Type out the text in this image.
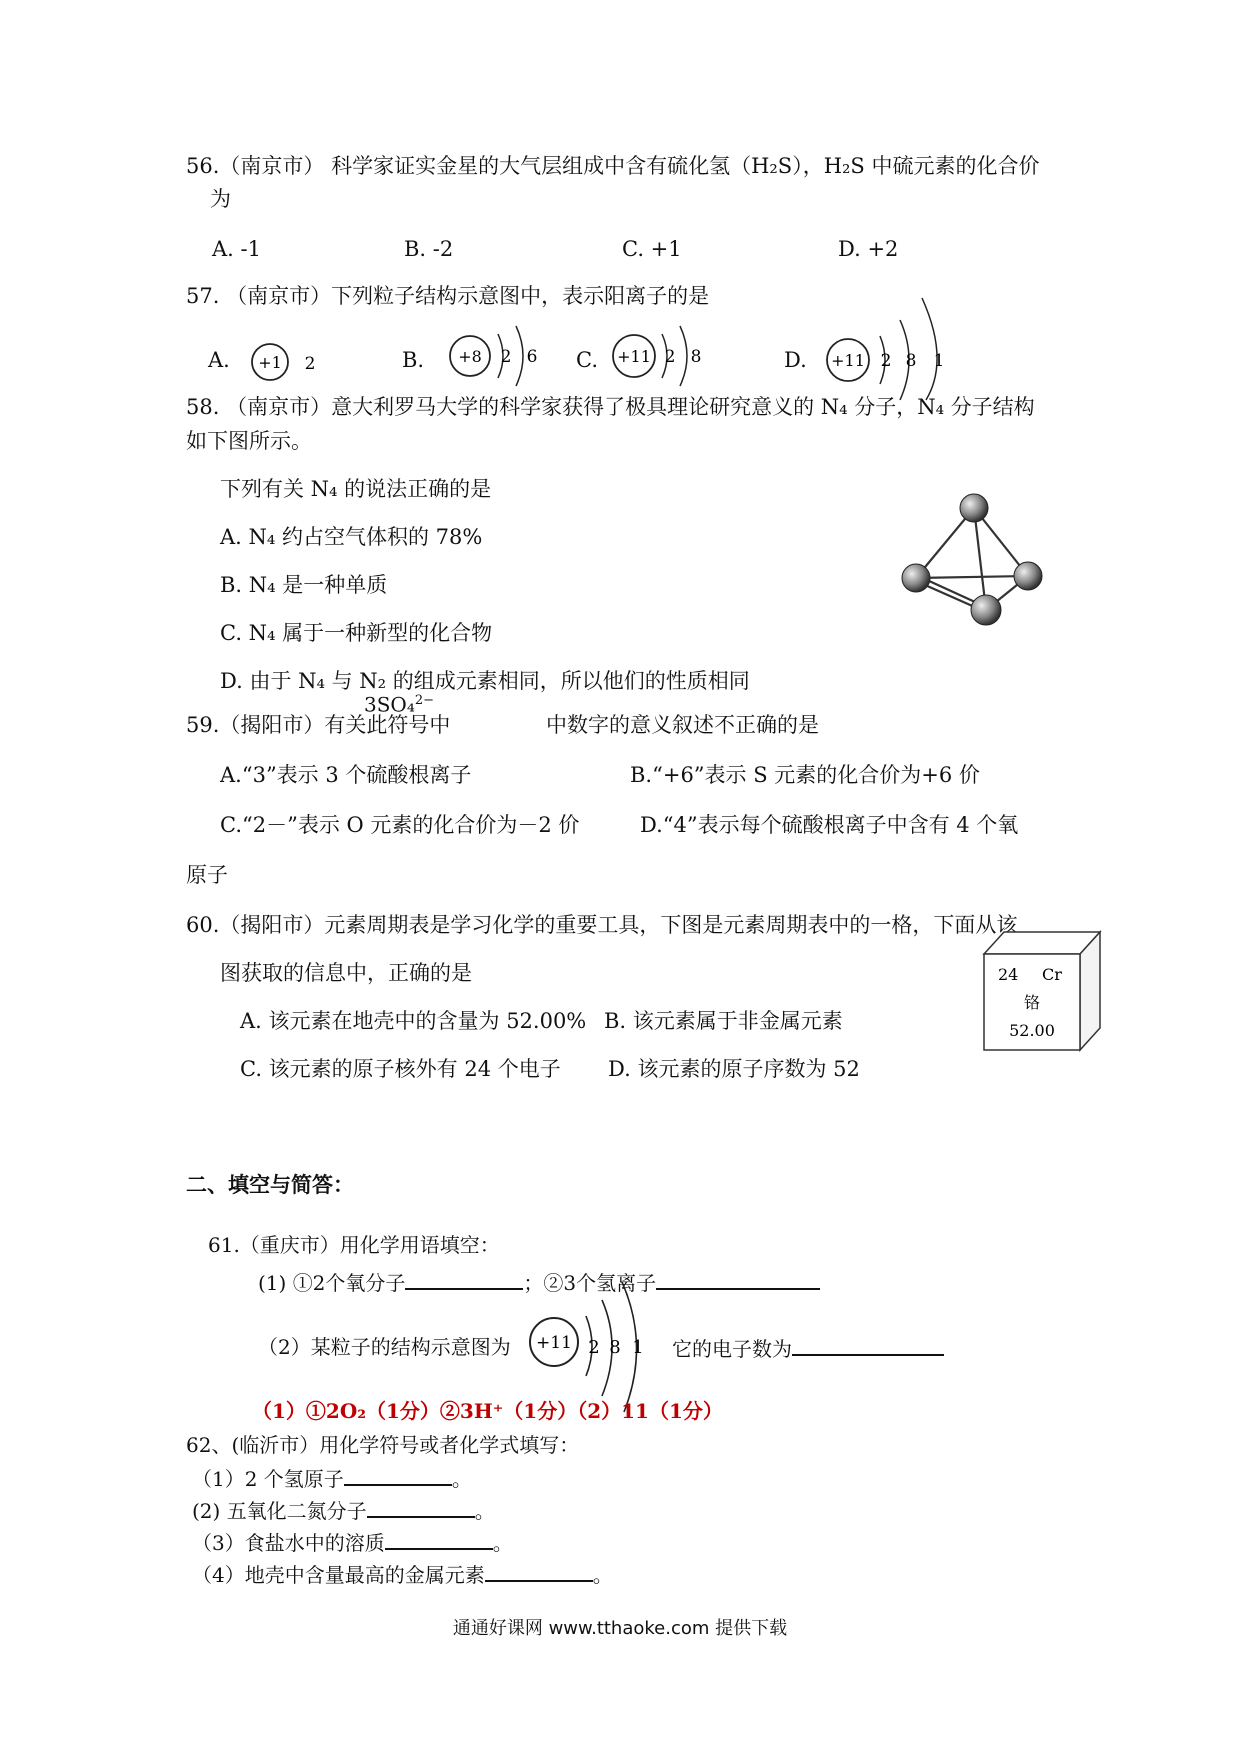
56.（南京市） 科学家证实金星的大气层组成中含有硫化氢（H₂S），H₂S 中硫元素的化合价
为
A. -1	B. -2	C. +1	D. +2
57. （南京市）下列粒子结构示意图中，表示阳离子的是
A. +1 2	B. +8 2 6 C. +11 2 8	D. +11 2 8 1
58. （南京市）意大利罗马大学的科学家获得了极具理论研究意义的 N₄ 分子，N₄ 分子结构
如下图所示。
下列有关 N₄ 的说法正确的是
A. N₄ 约占空气体积的 78%
B. N₄ 是一种单质
C. N₄ 属于一种新型的化合物
D. 由于 N₄ 与 N₂ 的组成元素相同，所以他们的性质相同
3SO₄$^{2-}$
59.（揭阳市）有关此符号中	中数字的意义叙述不正确的是
A.“3”表示 3 个硫酸根离子	B.“+6”表示 S 元素的化合价为+6 价
C.“2－”表示 O 元素的化合价为－2 价	D.“4”表示每个硫酸根离子中含有 4 个氧
原子
60.（揭阳市）元素周期表是学习化学的重要工具，下图是元素周期表中的一格，下面从该
图获取的信息中，正确的是
A. 该元素在地壳中的含量为 52.00% B. 该元素属于非金属元素
C. 该元素的原子核外有 24 个电子 D. 该元素的原子序数为 52
24 Cr
铬
52.00
二、填空与简答：
61.（重庆市）用化学用语填空：
(1) ①2个氧分子	；②3个氢离子
（2）某粒子的结构示意图为 +11 2 8 1 它的电子数为
（1）①2O₂（1分）②3H⁺（1分）（2）11（1分）
62、(临沂市）用化学符号或者化学式填写：
（1）2 个氢原子	。
(2) 五氧化二氮分子	。
（3）食盐水中的溶质	。
（4）地壳中含量最高的金属元素	。
通通好课网 www.tthaoke.com 提供下载
